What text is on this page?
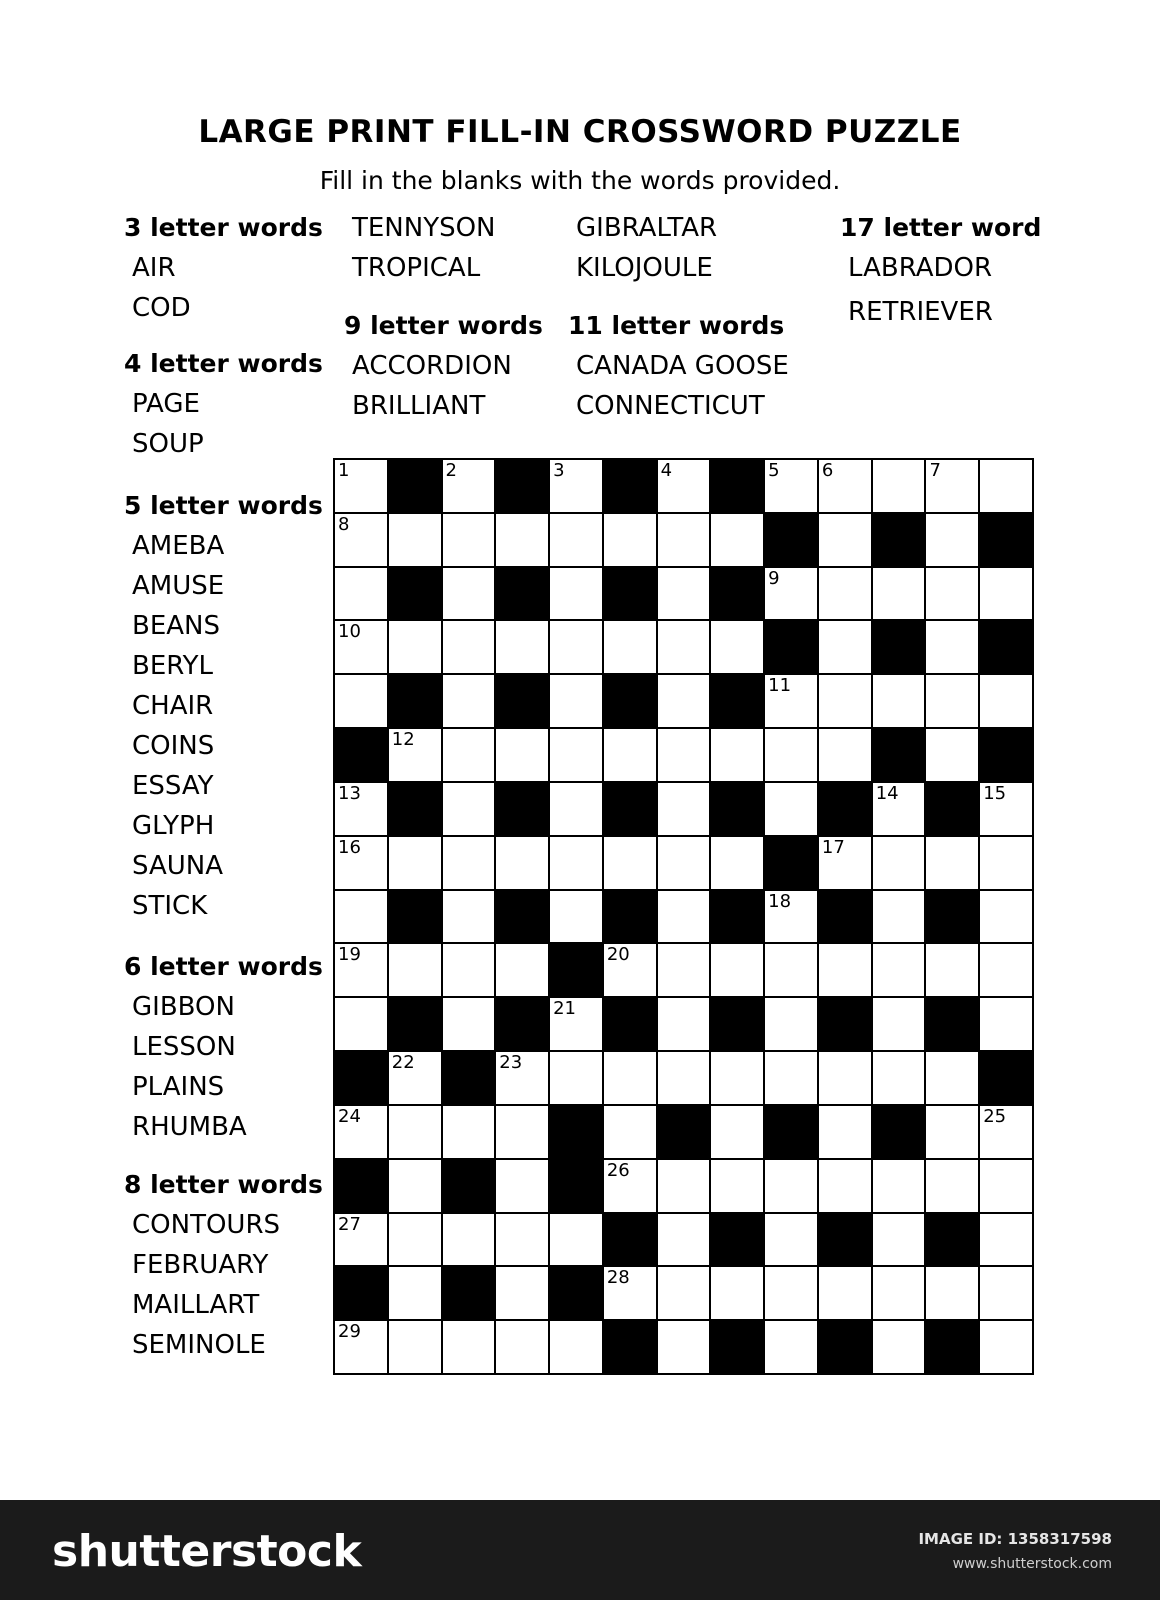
LARGE PRINT FILL-IN CROSSWORD PUZZLE
Fill in the blanks with the words provided.
3 letter words
AIR
COD
4 letter words
PAGE
SOUP
5 letter words
AMEBA
AMUSE
BEANS
BERYL
CHAIR
COINS
ESSAY
GLYPH
SAUNA
STICK
6 letter words
GIBBON
LESSON
PLAINS
RHUMBA
8 letter words
CONTOURS
FEBRUARY
MAILLART
SEMINOLE
TENNYSON
TROPICAL
9 letter words
ACCORDION
BRILLIANT
GIBRALTAR
KILOJOULE
11 letter words
CANADA GOOSE
CONNECTICUT
17 letter word
LABRADOR
RETRIEVER
1	2	3	4	5 6	7
8
9
10
11
12
13	14	15
16	17
18
19	20
21
22	23
24	25
26
27
28
29
shutterstock	IMAGE ID: 1358317598
www.shutterstock.com
